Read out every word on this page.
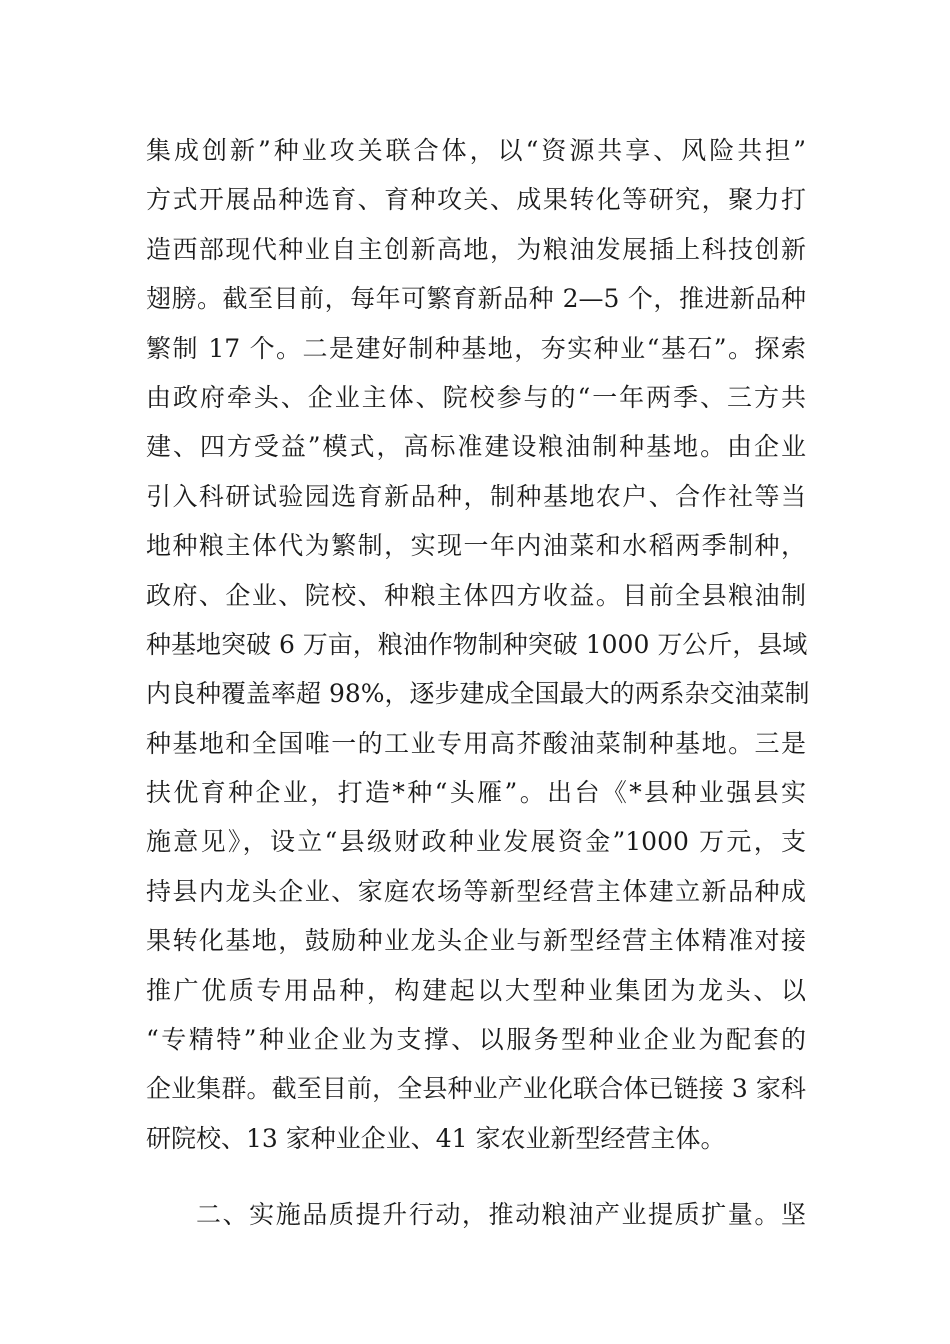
集成创新”种业攻关联合体，以“资源共享、风险共担”
方式开展品种选育、育种攻关、成果转化等研究，聚力打
造西部现代种业自主创新高地，为粮油发展插上科技创新
翅膀。截至目前，每年可繁育新品种 2—5 个，推进新品种
繁制 17 个。二是建好制种基地，夯实种业“基石”。探索
由政府牵头、企业主体、院校参与的“一年两季、三方共
建、四方受益”模式，高标准建设粮油制种基地。由企业
引入科研试验园选育新品种，制种基地农户、合作社等当
地种粮主体代为繁制，实现一年内油菜和水稻两季制种，
政府、企业、院校、种粮主体四方收益。目前全县粮油制
种基地突破 6 万亩，粮油作物制种突破 1000 万公斤，县域
内良种覆盖率超 98%，逐步建成全国最大的两系杂交油菜制
种基地和全国唯一的工业专用高芥酸油菜制种基地。三是
扶优育种企业，打造*种“头雁”。出台《*县种业强县实
施意见》，设立“县级财政种业发展资金”1000 万元，支
持县内龙头企业、家庭农场等新型经营主体建立新品种成
果转化基地，鼓励种业龙头企业与新型经营主体精准对接
推广优质专用品种，构建起以大型种业集团为龙头、以
“专精特”种业企业为支撑、以服务型种业企业为配套的
企业集群。截至目前，全县种业产业化联合体已链接 3 家科
研院校、13 家种业企业、41 家农业新型经营主体。
二、实施品质提升行动，推动粮油产业提质扩量。坚
